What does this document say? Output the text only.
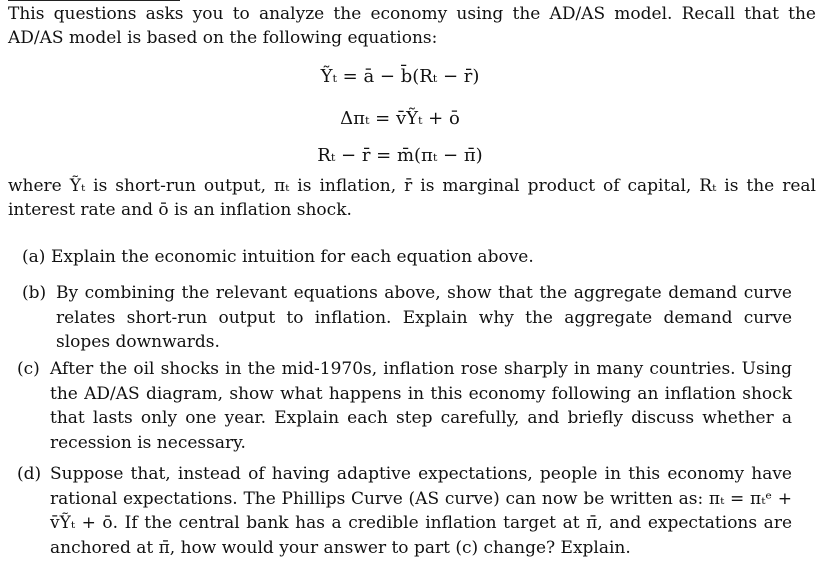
This questions asks you to analyze the economy using the AD/AS model. Recall that the AD/AS model is based on the following equations:

Ỹₜ = ā − b̄(Rₜ − r̄)
Δπₜ = v̄Ỹₜ + ō
Rₜ − r̄ = m̄(πₜ − π̄)

where Ỹₜ is short-run output, πₜ is inflation, r̄ is marginal product of capital, Rₜ is the real interest rate and ō is an inflation shock.

(a) Explain the economic intuition for each equation above.
(b) By combining the relevant equations above, show that the aggregate demand curve relates short-run output to inflation. Explain why the aggregate demand curve slopes downwards.
(c) After the oil shocks in the mid-1970s, inflation rose sharply in many countries. Using the AD/AS diagram, show what happens in this economy following an inflation shock that lasts only one year. Explain each step carefully, and briefly discuss whether a recession is necessary.
(d) Suppose that, instead of having adaptive expectations, people in this economy have rational expectations. The Phillips Curve (AS curve) can now be written as: πₜ = πₜᵉ + v̄Ỹₜ + ō. If the central bank has a credible inflation target at π̄, and expectations are anchored at π̄, how would your answer to part (c) change? Explain.
